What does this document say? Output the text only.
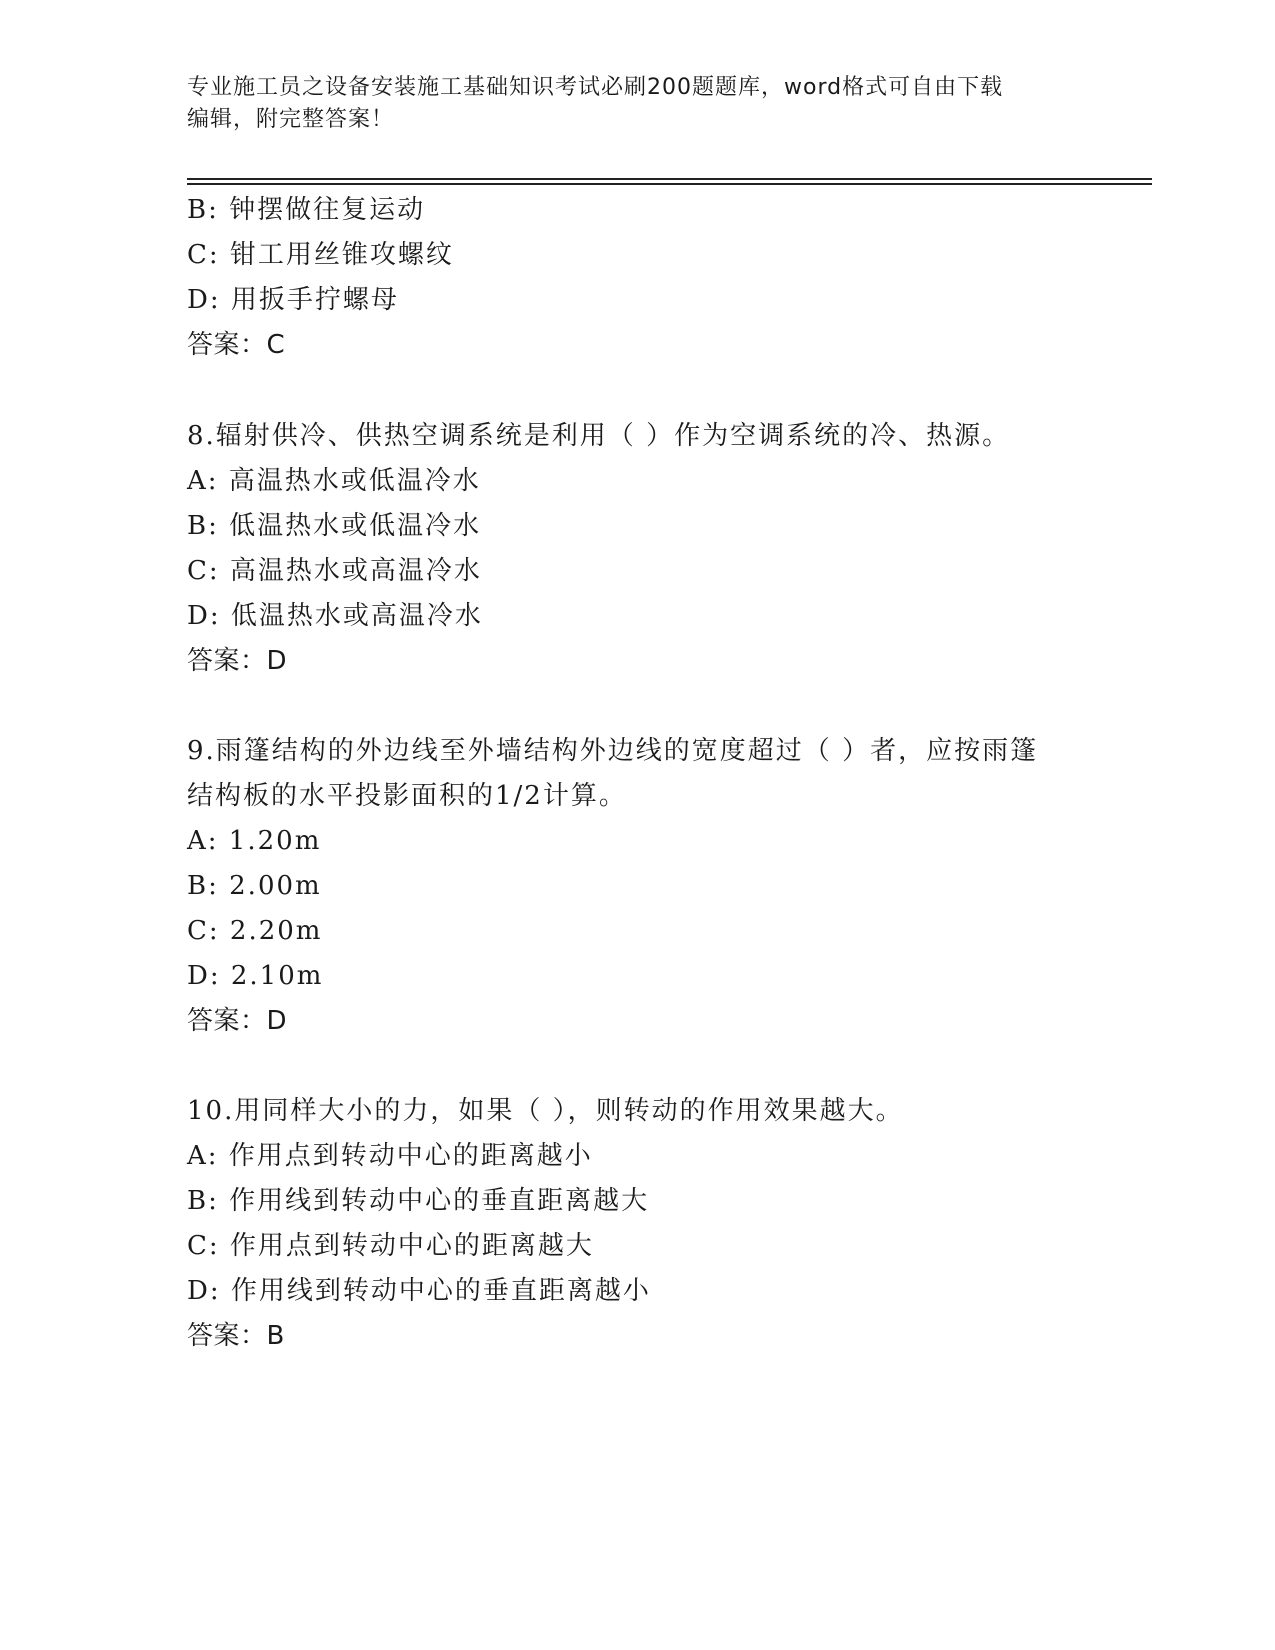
专业施工员之设备安装施工基础知识考试必刷200题题库，word格式可自由下载
编辑，附完整答案！
B: 钟摆做往复运动
C: 钳工用丝锥攻螺纹
D: 用扳手拧螺母
答案：C
8.辐射供冷、供热空调系统是利用（ ）作为空调系统的冷、热源。
A: 高温热水或低温冷水
B: 低温热水或低温冷水
C: 高温热水或高温冷水
D: 低温热水或高温冷水
答案：D
9.雨篷结构的外边线至外墙结构外边线的宽度超过（ ）者，应按雨篷
结构板的水平投影面积的1/2计算。
A: 1.20m
B: 2.00m
C: 2.20m
D: 2.10m
答案：D
10.用同样大小的力，如果（ ），则转动的作用效果越大。
A: 作用点到转动中心的距离越小
B: 作用线到转动中心的垂直距离越大
C: 作用点到转动中心的距离越大
D: 作用线到转动中心的垂直距离越小
答案：B
